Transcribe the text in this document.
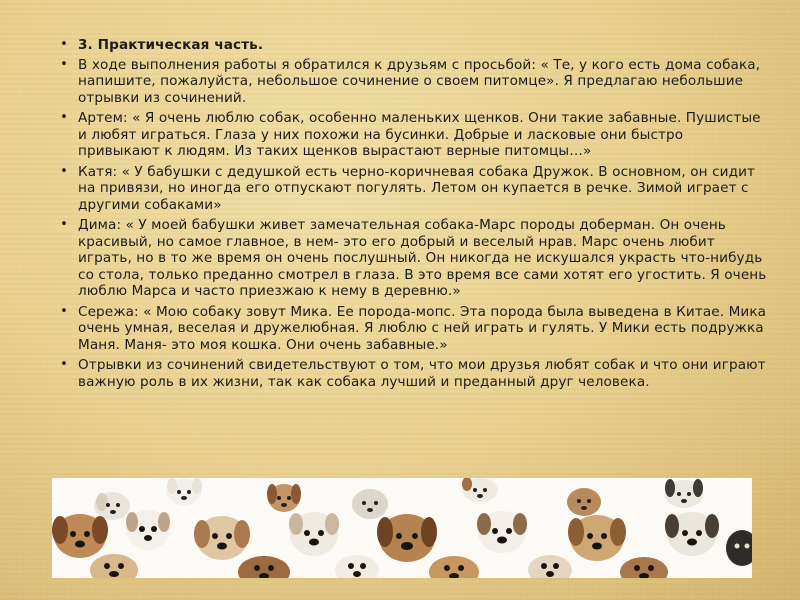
• 3. Практическая часть.
• В ходе выполнения работы я обратился к друзьям с просьбой: « Те, у кого есть дома собака, напишите, пожалуйста, небольшое сочинение о своем питомце». Я предлагаю небольшие отрывки из сочинений.
• Артем: « Я очень люблю собак, особенно маленьких щенков. Они такие забавные. Пушистые и любят играться. Глаза у них похожи на бусинки. Добрые и ласковые они быстро привыкают к людям. Из таких щенков вырастают верные питомцы…»
• Катя: « У бабушки с дедушкой есть черно-коричневая собака Дружок. В основном, он сидит на привязи, но иногда его отпускают погулять. Летом он купается в речке. Зимой играет с другими собаками»
• Дима: « У моей бабушки живет замечательная собака-Марс породы доберман. Он очень красивый, но самое главное, в нем- это его добрый и веселый нрав. Марс очень любит играть, но в то же время он очень послушный. Он никогда не искушался украсть что-нибудь со стола, только преданно смотрел в глаза. В это время все сами хотят его угостить. Я очень люблю Марса и часто приезжаю к нему в деревню.»
• Сережа: « Мою собаку зовут Мика. Ее порода-мопс. Эта порода была выведена в Китае. Мика очень умная, веселая и дружелюбная. Я люблю с ней играть и гулять. У Мики есть подружка Маня. Маня- это моя кошка. Они очень забавные.»
• Отрывки из сочинений свидетельствуют о том, что мои друзья любят собак и что они играют важную роль в их жизни, так как собака лучший и преданный друг человека.
